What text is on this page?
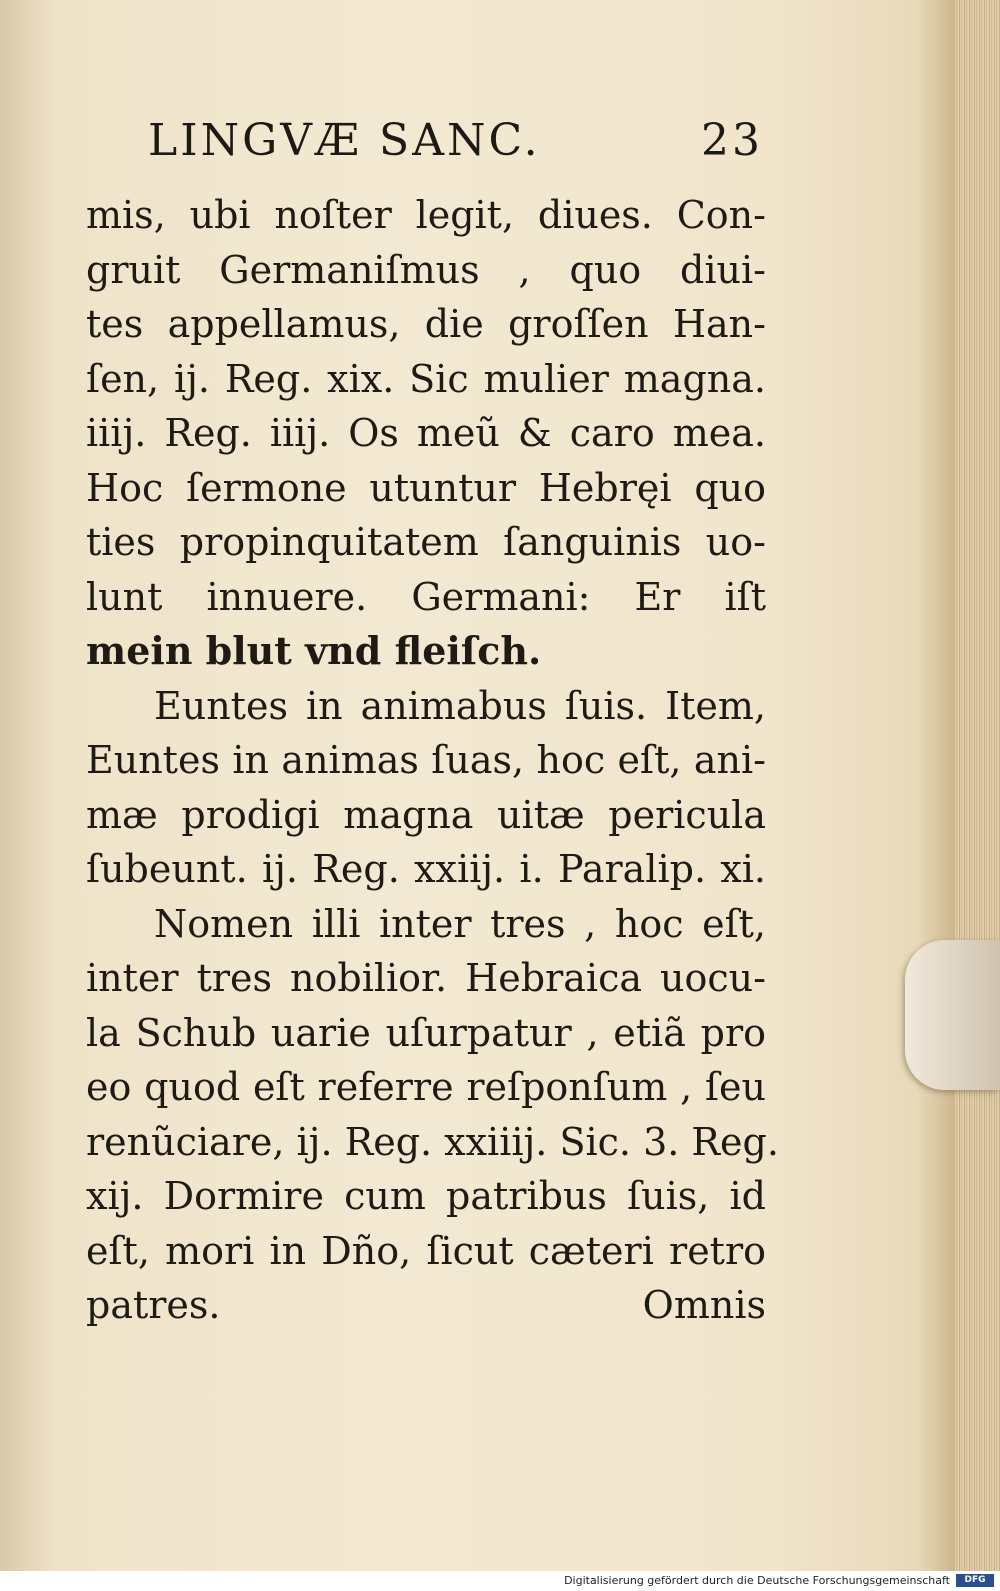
LINGVÆ SANC.	23
mis, ubi noſter legit, diues. Con-
gruit Germaniſmus , quo diui-
tes appellamus, die groſſen Han-
ſen, ij. Reg. xix. Sic mulier magna.
iiij. Reg. iiij. Os meũ & caro mea.
Hoc ſermone utuntur Hebręi quo
ties propinquitatem ſanguinis uo-
lunt innuere. Germani: Er iſt
mein blut vnd fleiſch.
Euntes in animabus ſuis. Item,
Euntes in animas ſuas, hoc eſt, ani-
mæ prodigi magna uitæ pericula
ſubeunt. ij. Reg. xxiij. i. Paralip. xi.
Nomen illi inter tres , hoc eſt,
inter tres nobilior. Hebraica uocu-
la Schub uarie uſurpatur , etiã pro
eo quod eſt referre reſponſum , ſeu
renũciare, ij. Reg. xxiiij. Sic. 3. Reg.
xij. Dormire cum patribus ſuis, id
eſt, mori in Dño, ſicut cæteri retro
patres.	Omnis
Digitalisierung gefördert durch die Deutsche Forschungsgemeinschaft	DFG
